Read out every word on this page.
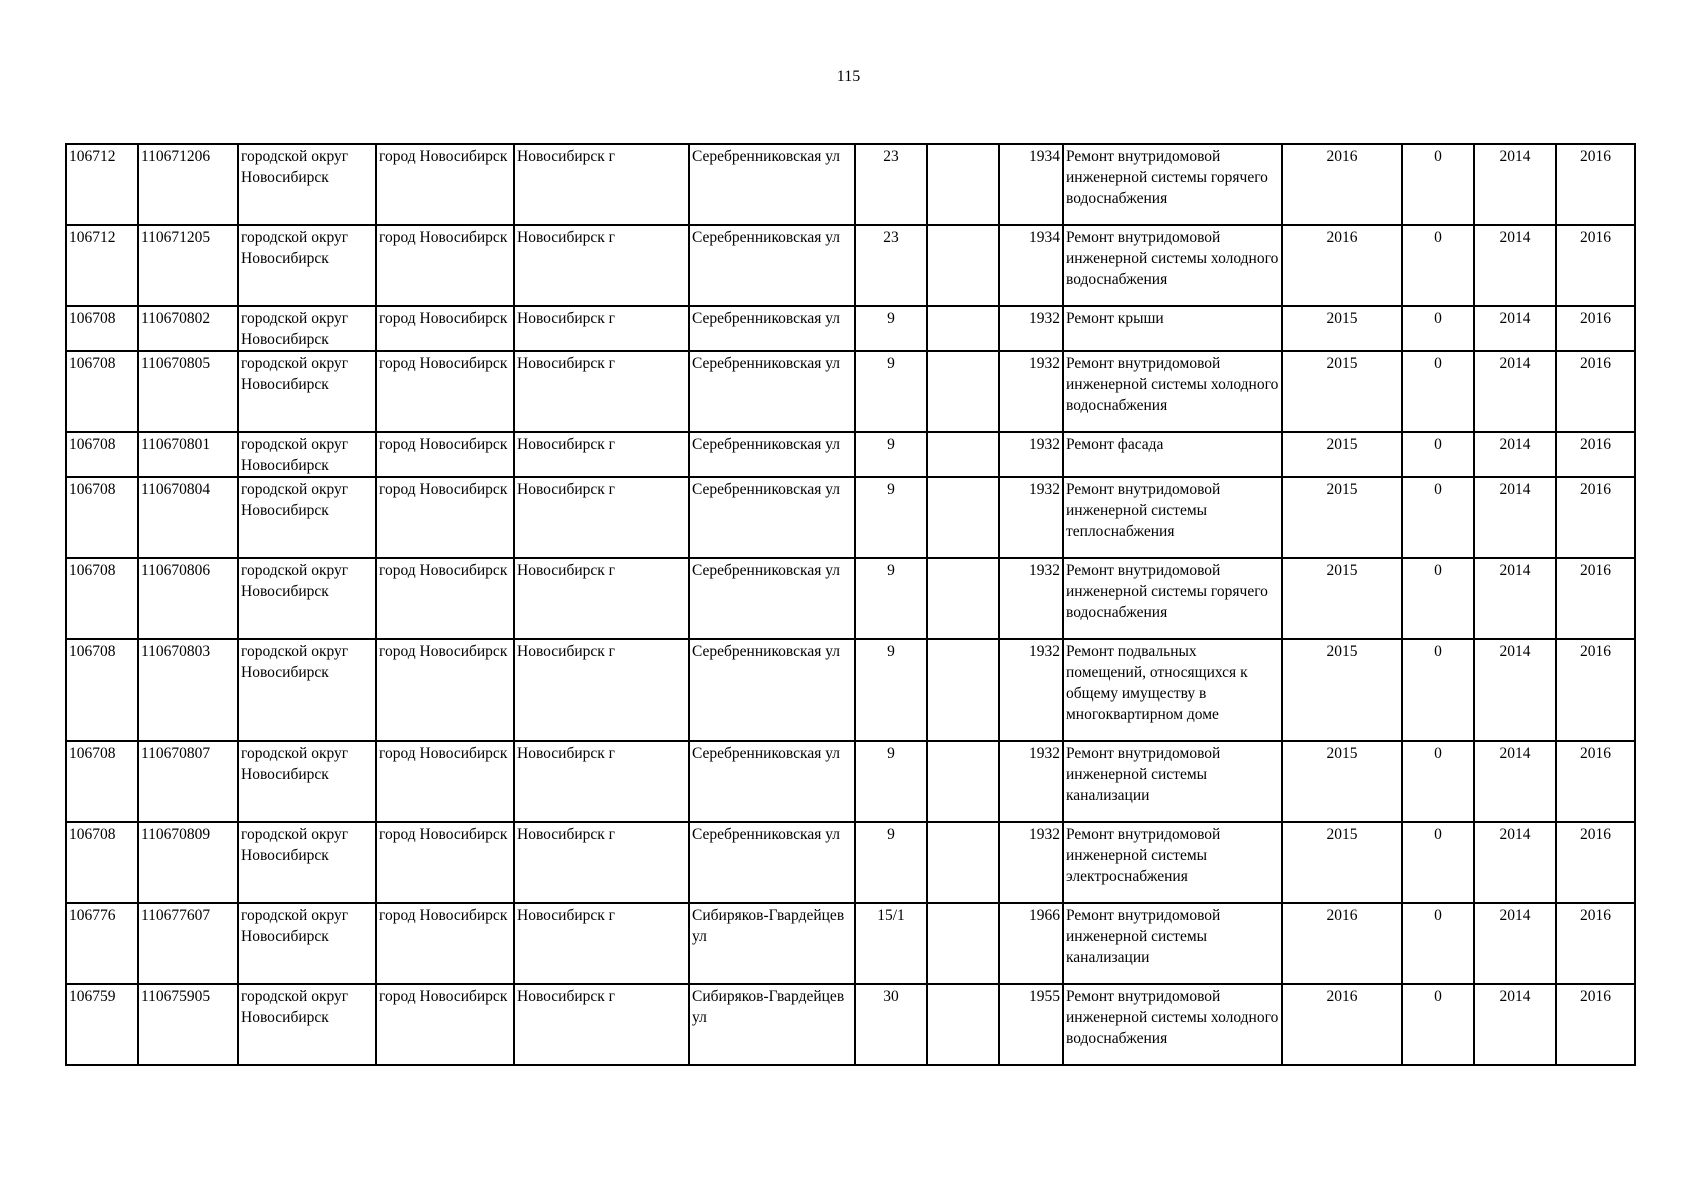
115
106712	110671206	городской округ Новосибирск	город Новосибирск	Новосибирск г	Серебренниковская ул	23		1934	Ремонт внутридомовой инженерной системы горячего водоснабжения	2016	0	2014	2016
106712	110671205	городской округ Новосибирск	город Новосибирск	Новосибирск г	Серебренниковская ул	23		1934	Ремонт внутридомовой инженерной системы холодного водоснабжения	2016	0	2014	2016
106708	110670802	городской округ Новосибирск	город Новосибирск	Новосибирск г	Серебренниковская ул	9		1932	Ремонт крыши	2015	0	2014	2016
106708	110670805	городской округ Новосибирск	город Новосибирск	Новосибирск г	Серебренниковская ул	9		1932	Ремонт внутридомовой инженерной системы холодного водоснабжения	2015	0	2014	2016
106708	110670801	городской округ Новосибирск	город Новосибирск	Новосибирск г	Серебренниковская ул	9		1932	Ремонт фасада	2015	0	2014	2016
106708	110670804	городской округ Новосибирск	город Новосибирск	Новосибирск г	Серебренниковская ул	9		1932	Ремонт внутридомовой инженерной системы теплоснабжения	2015	0	2014	2016
106708	110670806	городской округ Новосибирск	город Новосибирск	Новосибирск г	Серебренниковская ул	9		1932	Ремонт внутридомовой инженерной системы горячего водоснабжения	2015	0	2014	2016
106708	110670803	городской округ Новосибирск	город Новосибирск	Новосибирск г	Серебренниковская ул	9		1932	Ремонт подвальных помещений, относящихся к общему имуществу в многоквартирном доме	2015	0	2014	2016
106708	110670807	городской округ Новосибирск	город Новосибирск	Новосибирск г	Серебренниковская ул	9		1932	Ремонт внутридомовой инженерной системы канализации	2015	0	2014	2016
106708	110670809	городской округ Новосибирск	город Новосибирск	Новосибирск г	Серебренниковская ул	9		1932	Ремонт внутридомовой инженерной системы электроснабжения	2015	0	2014	2016
106776	110677607	городской округ Новосибирск	город Новосибирск	Новосибирск г	Сибиряков-Гвардейцев ул	15/1		1966	Ремонт внутридомовой инженерной системы канализации	2016	0	2014	2016
106759	110675905	городской округ Новосибирск	город Новосибирск	Новосибирск г	Сибиряков-Гвардейцев ул	30		1955	Ремонт внутридомовой инженерной системы холодного водоснабжения	2016	0	2014	2016
